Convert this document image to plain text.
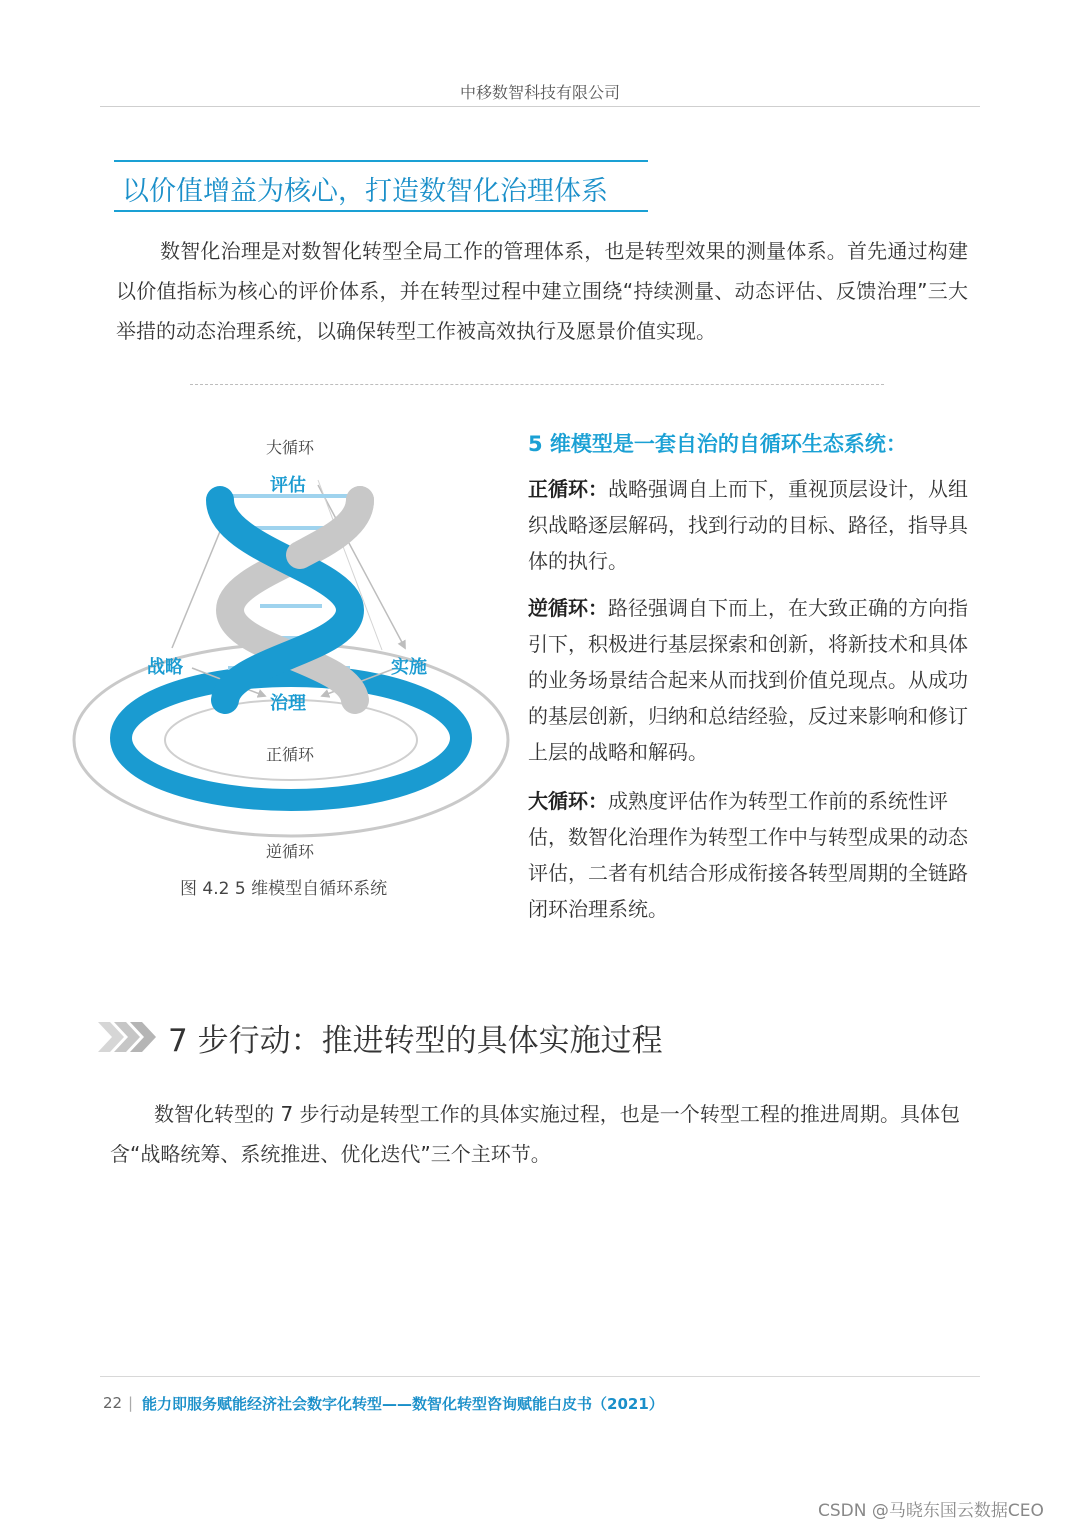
中移数智科技有限公司
以价值增益为核心，打造数智化治理体系
数智化治理是对数智化转型全局工作的管理体系，也是转型效果的测量体系。首先通过构建以价值指标为核心的评价体系，并在转型过程中建立围绕“持续测量、动态评估、反馈治理”三大举措的动态治理系统，以确保转型工作被高效执行及愿景价值实现。
大循环
评估
战略	实施
治理
正循环
逆循环
图 4.2 5 维模型自循环系统
5 维模型是一套自治的自循环生态系统：
正循环：战略强调自上而下，重视顶层设计，从组织战略逐层解码，找到行动的目标、路径，指导具体的执行。
逆循环：路径强调自下而上，在大致正确的方向指引下，积极进行基层探索和创新，将新技术和具体的业务场景结合起来从而找到价值兑现点。从成功的基层创新，归纳和总结经验，反过来影响和修订上层的战略和解码。
大循环：成熟度评估作为转型工作前的系统性评估，数智化治理作为转型工作中与转型成果的动态评估，二者有机结合形成衔接各转型周期的全链路闭环治理系统。
7 步行动：推进转型的具体实施过程
数智化转型的 7 步行动是转型工作的具体实施过程，也是一个转型工程的推进周期。具体包含“战略统筹、系统推进、优化迭代”三个主环节。
22 | 能力即服务赋能经济社会数字化转型——数智化转型咨询赋能白皮书（2021）
CSDN @马晓东国云数据CEO
